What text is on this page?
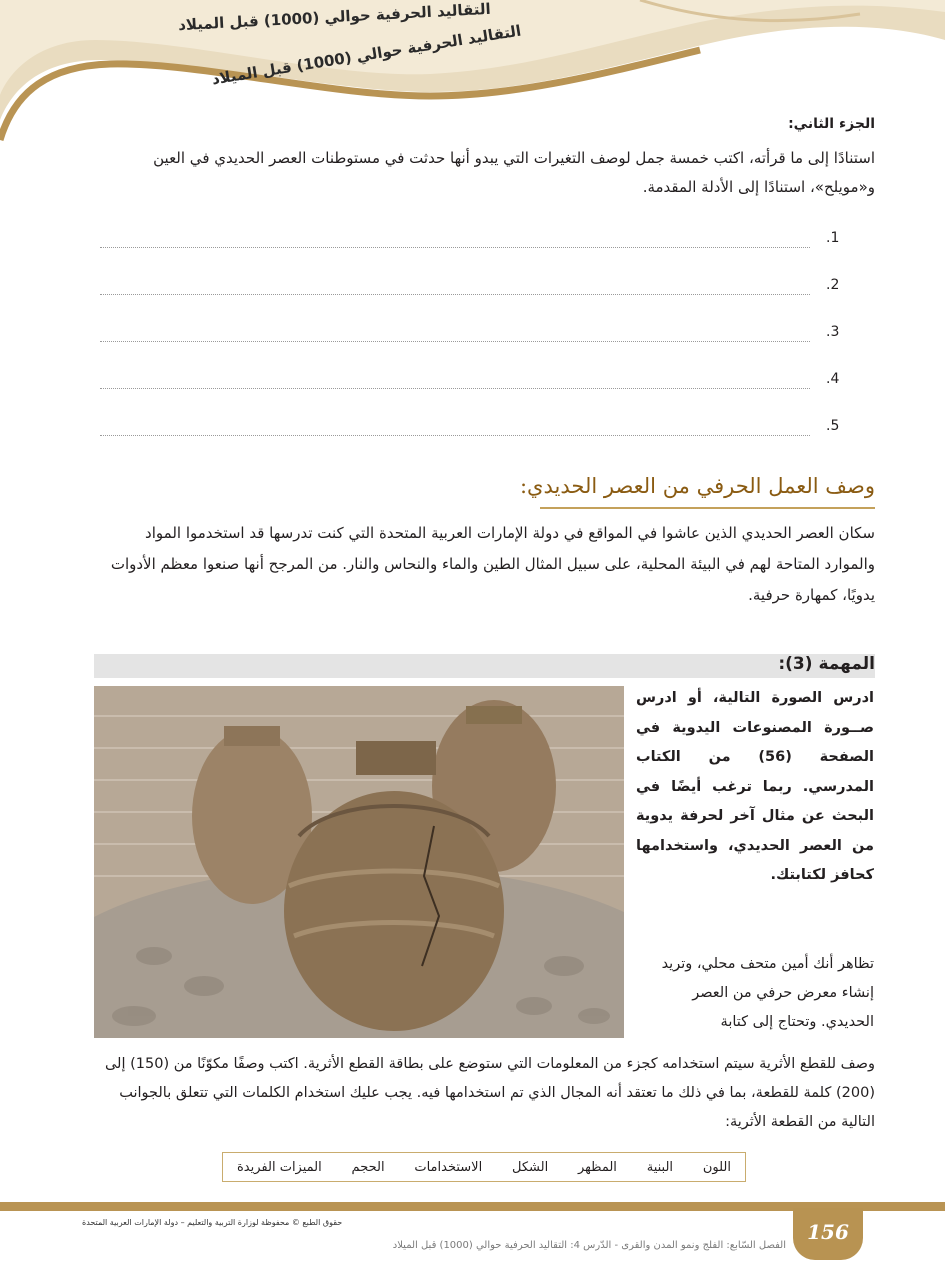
التقاليد الحرفية حوالي (1000) قبل الميلاد
التقاليد الحرفية حوالي (1000) قبل الميلاد
الجزء الثاني:
استنادًا إلى ما قرأته، اكتب خمسة جمل لوصف التغيرات التي يبدو أنها حدثت في مستوطنات العصر الحديدي في العين و«مويلح»، استنادًا إلى الأدلة المقدمة.
.1
.2
.3
.4
.5
وصف العمل الحرفي من العصر الحديدي:
سكان العصر الحديدي الذين عاشوا في المواقع في دولة الإمارات العربية المتحدة التي كنت تدرسها قد استخدموا المواد والموارد المتاحة لهم في البيئة المحلية، على سبيل المثال الطين والماء والنحاس والنار. من المرجح أنها صنعوا معظم الأدوات يدويًا، كمهارة حرفية.
المهمة (3):
ادرس الصورة التالية، أو ادرس صــورة المصنوعات اليدوية في الصفحة (56) من الكتاب المدرسي. ربما ترغب أيضًا في البحث عن مثال آخر لحرفة يدوية من العصر الحديدي، واستخدامها كحافز لكتابتك.
تظاهر أنك أمين متحف محلي، وتريد إنشاء معرض حرفي من العصر الحديدي. وتحتاج إلى كتابة
وصف للقطع الأثرية سيتم استخدامه كجزء من المعلومات التي ستوضع على بطاقة القطع الأثرية. اكتب وصفًا مكوّنًا من (150) إلى (200) كلمة للقطعة، بما في ذلك ما تعتقد أنه المجال الذي تم استخدامها فيه. يجب عليك استخدام الكلمات التي تتعلق بالجوانب التالية من القطعة الأثرية:
اللون
البنية
المظهر
الشكل
الاستخدامات
الحجم
الميزات الفريدة
حقوق الطبع © محفوظة لوزارة التربية والتعليم – دولة الإمارات العربية المتحدة	156
الفصل السّابع: الفلج ونمو المدن والقرى - الدّرس 4: التقاليد الحرفية حوالي (1000) قبل الميلاد
